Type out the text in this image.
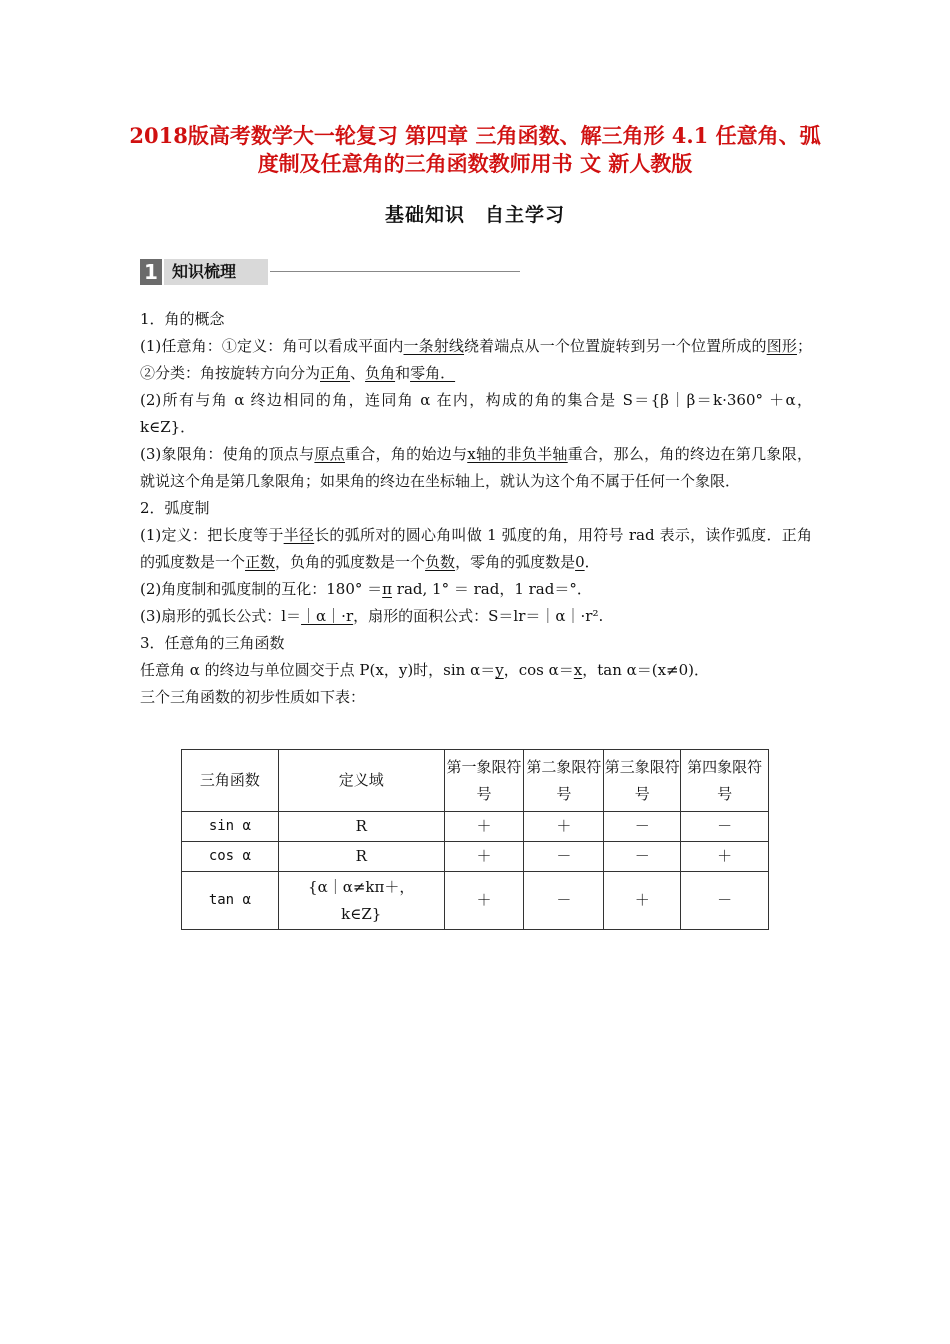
2018版高考数学大一轮复习 第四章 三角函数、解三角形 4.1 任意角、弧度制及任意角的三角函数教师用书 文 新人教版
基础知识　自主学习
1 知识梳理

1．角的概念

(1)任意角：①定义：角可以看成平面内一条射线绕着端点从一个位置旋转到另一个位置所成的图形；②分类：角按旋转方向分为正角、负角和零角．

(2)所有与角 α 终边相同的角，连同角 α 在内，构成的角的集合是 S＝{β｜β＝k·360° ＋α，k∈Z}．

(3)象限角：使角的顶点与原点重合，角的始边与x轴的非负半轴重合，那么，角的终边在第几象限，就说这个角是第几象限角；如果角的终边在坐标轴上，就认为这个角不属于任何一个象限．

2．弧度制

(1)定义：把长度等于半径长的弧所对的圆心角叫做 1 弧度的角，用符号 rad 表示，读作弧度．正角的弧度数是一个正数，负角的弧度数是一个负数，零角的弧度数是0．

(2)角度制和弧度制的互化：180° ＝π rad, 1° ＝ rad，1 rad＝°．

(3)扇形的弧长公式：l＝｜α｜·r，扇形的面积公式：S＝lr＝｜α｜·r².

3．任意角的三角函数

任意角 α 的终边与单位圆交于点 P(x，y)时，sin α＝y，cos α＝x，tan α＝(x≠0)．

三个三角函数的初步性质如下表：

三角函数	定义域	第一象限符号	第二象限符号	第三象限符号	第四象限符号
sin α	R	＋	＋	－	－
cos α	R	＋	－	－	＋
tan α	{α｜α≠kπ＋，k∈Z}	＋	－	＋	－
